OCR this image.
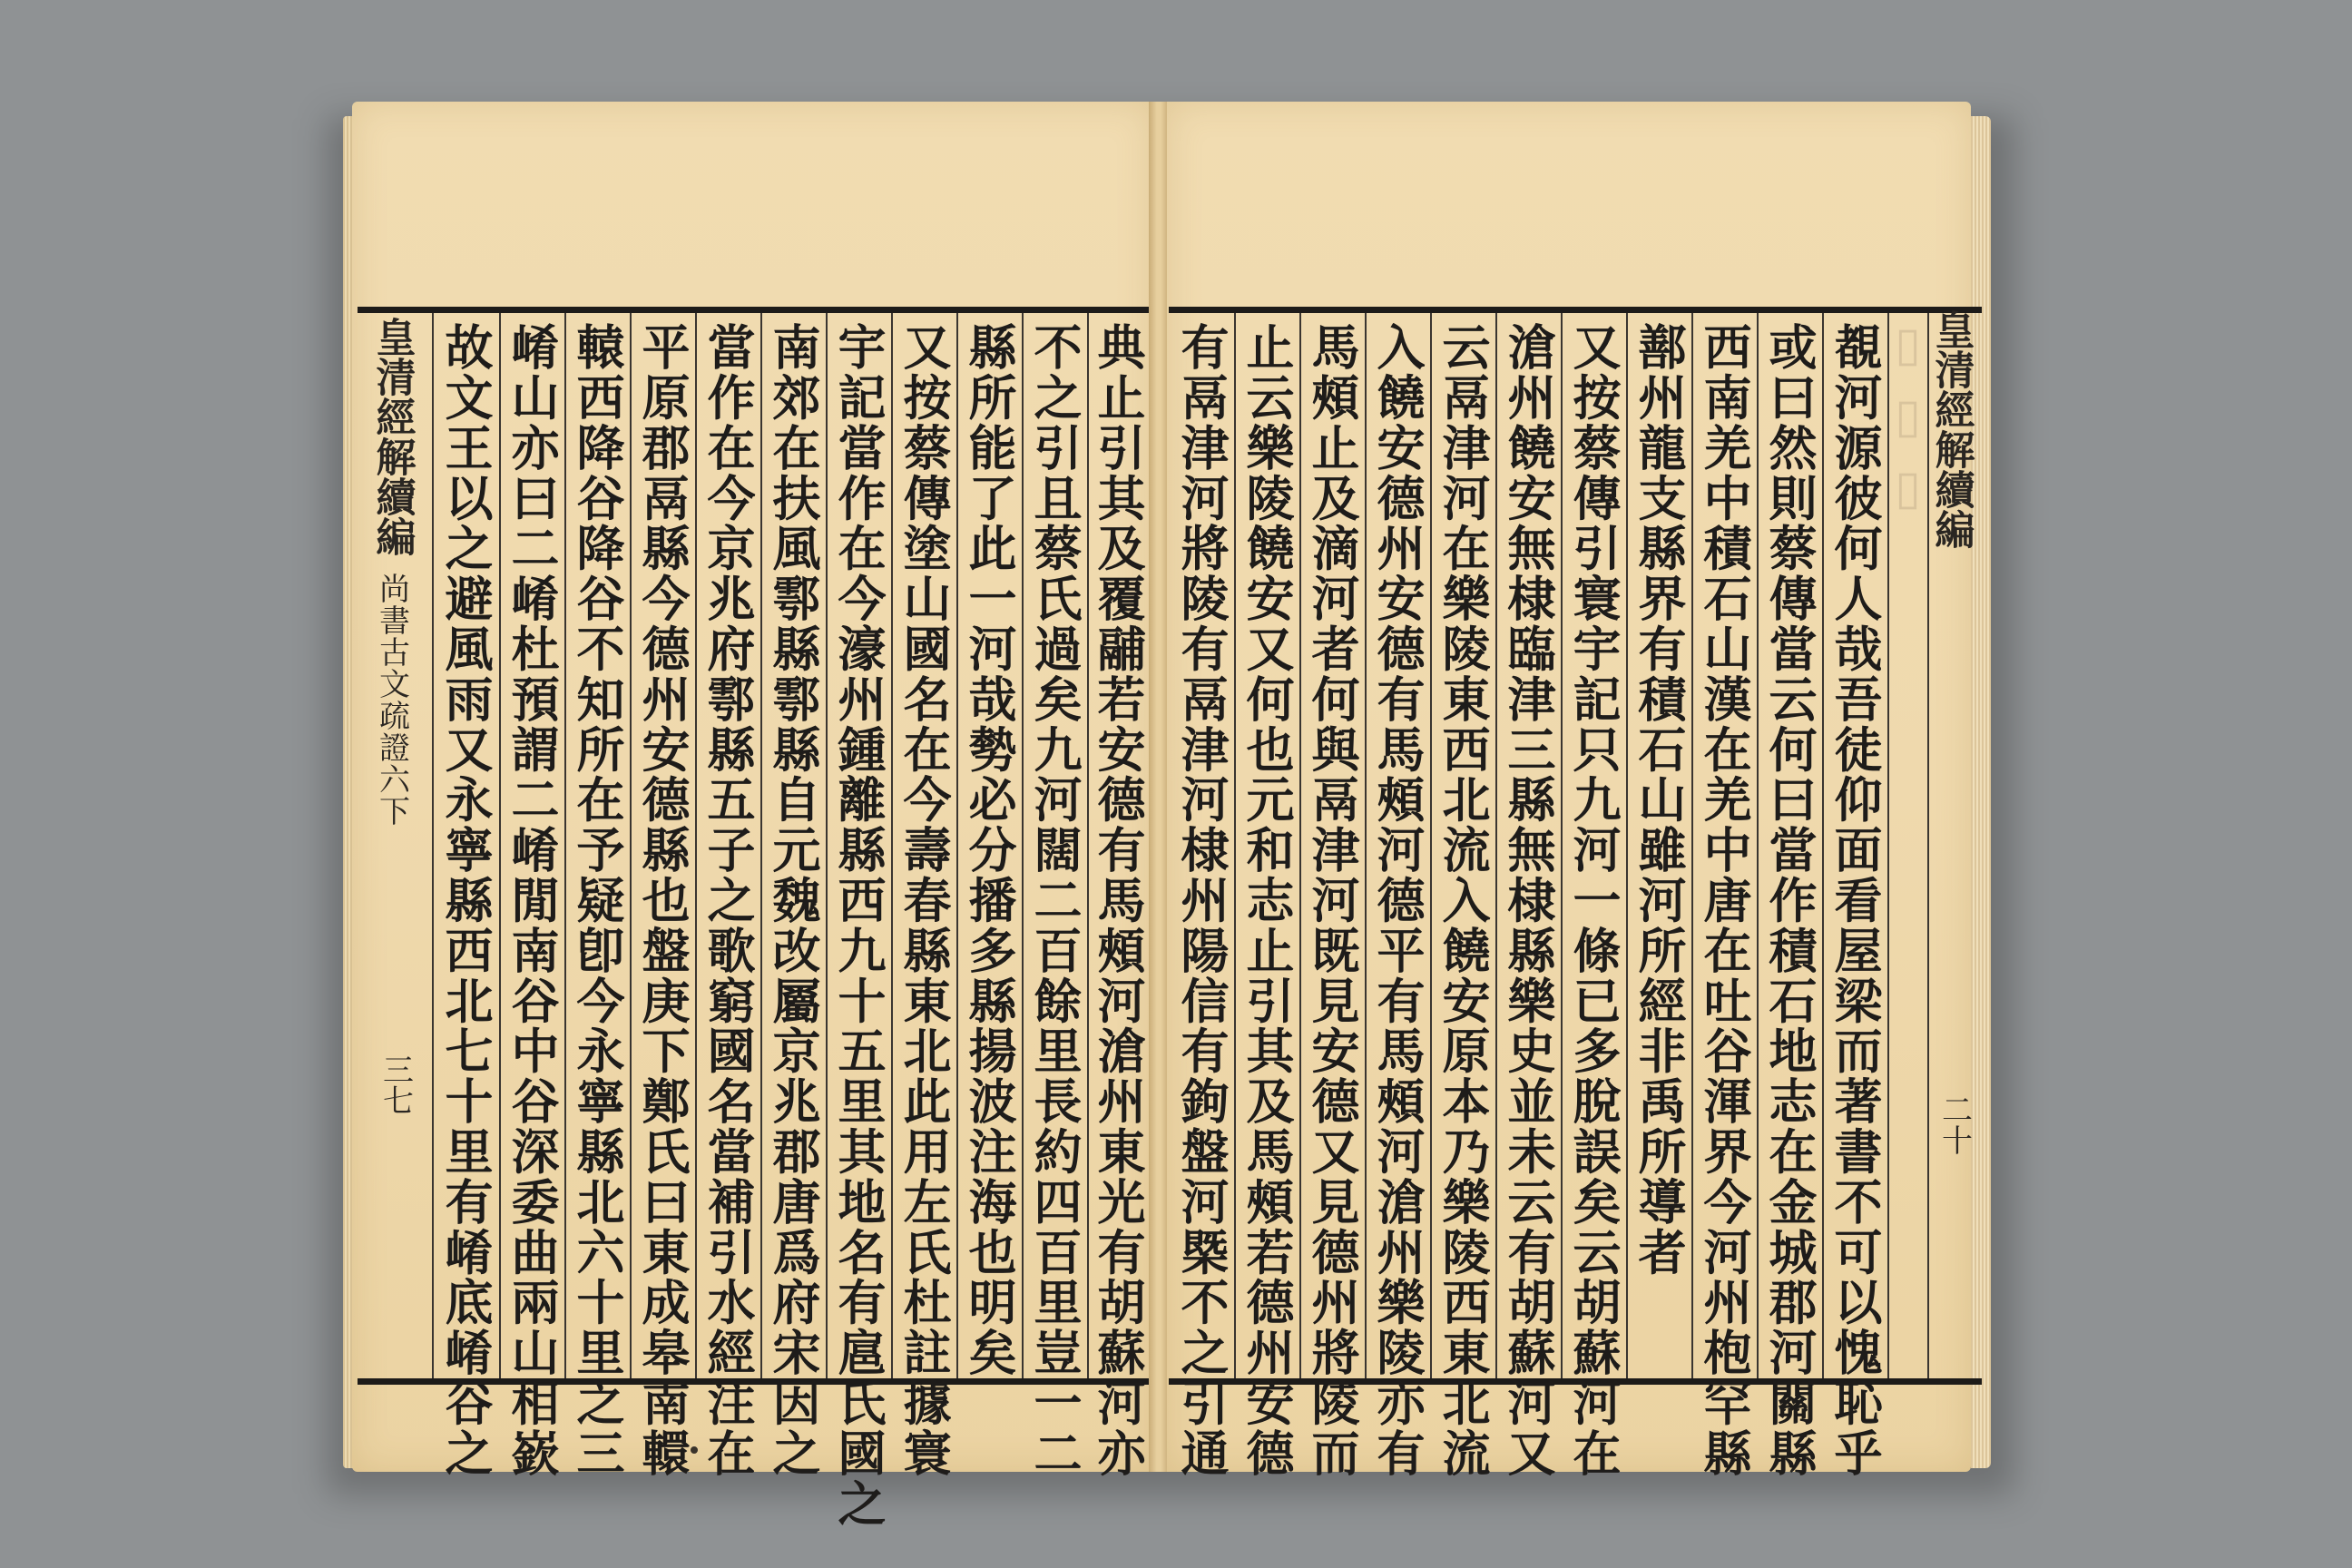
典止引其及覆鬴若安德有馬頰河滄州東光有胡蘇河亦
不之引且蔡氏過矣九河闊二百餘里長約四百里豈一二
縣所能了此一河哉勢必分播多縣揚波注海也明矣
又按蔡傳塗山國名在今壽春縣東北此用左氏杜註據寰
宇記當作在今濠州鍾離縣西九十五里其地名有扈氏國之
南郊在扶風鄠縣鄠縣自元魏改屬京兆郡唐爲府宋因之
當作在今京兆府鄠縣五子之歌窮國名當補引水經注在
平原郡鬲縣今德州安德縣也盤庚下鄭氏曰東成皋南轘
轅西降谷降谷不知所在予疑卽今永寧縣北六十里之三
崤山亦曰二崤杜預謂二崤閒南谷中谷深委曲兩山相嶔
故文王以之避風雨又永寧縣西北七十里有崤底崤谷之
皇清經解續編
尚書古文疏證六下
三七	覩河源彼何人哉吾徒仰面看屋梁而著書不可以愧恥乎
或曰然則蔡傳當云何曰當作積石地志在金城郡河關縣
西南羌中積石山漢在羌中唐在吐谷渾界今河州枹罕縣
鄯州龍支縣界有積石山雖河所經非禹所導者
又按蔡傳引寰宇記只九河一條已多脫誤矣云胡蘇河在
滄州饒安無棣臨津三縣無棣縣樂史並未云有胡蘇河又
云鬲津河在樂陵東西北流入饒安原本乃樂陵西東北流
入饒安德州安德有馬頰河德平有馬頰河滄州樂陵亦有
馬頰止及滴河者何與鬲津河既見安德又見德州將陵而
止云樂陵饒安又何也元和志止引其及馬頰若德州安德
有鬲津河將陵有鬲津河棣州陽信有鉤盤河槩不之引通	▯ ▯ ▯
皇清經解續編
二十
